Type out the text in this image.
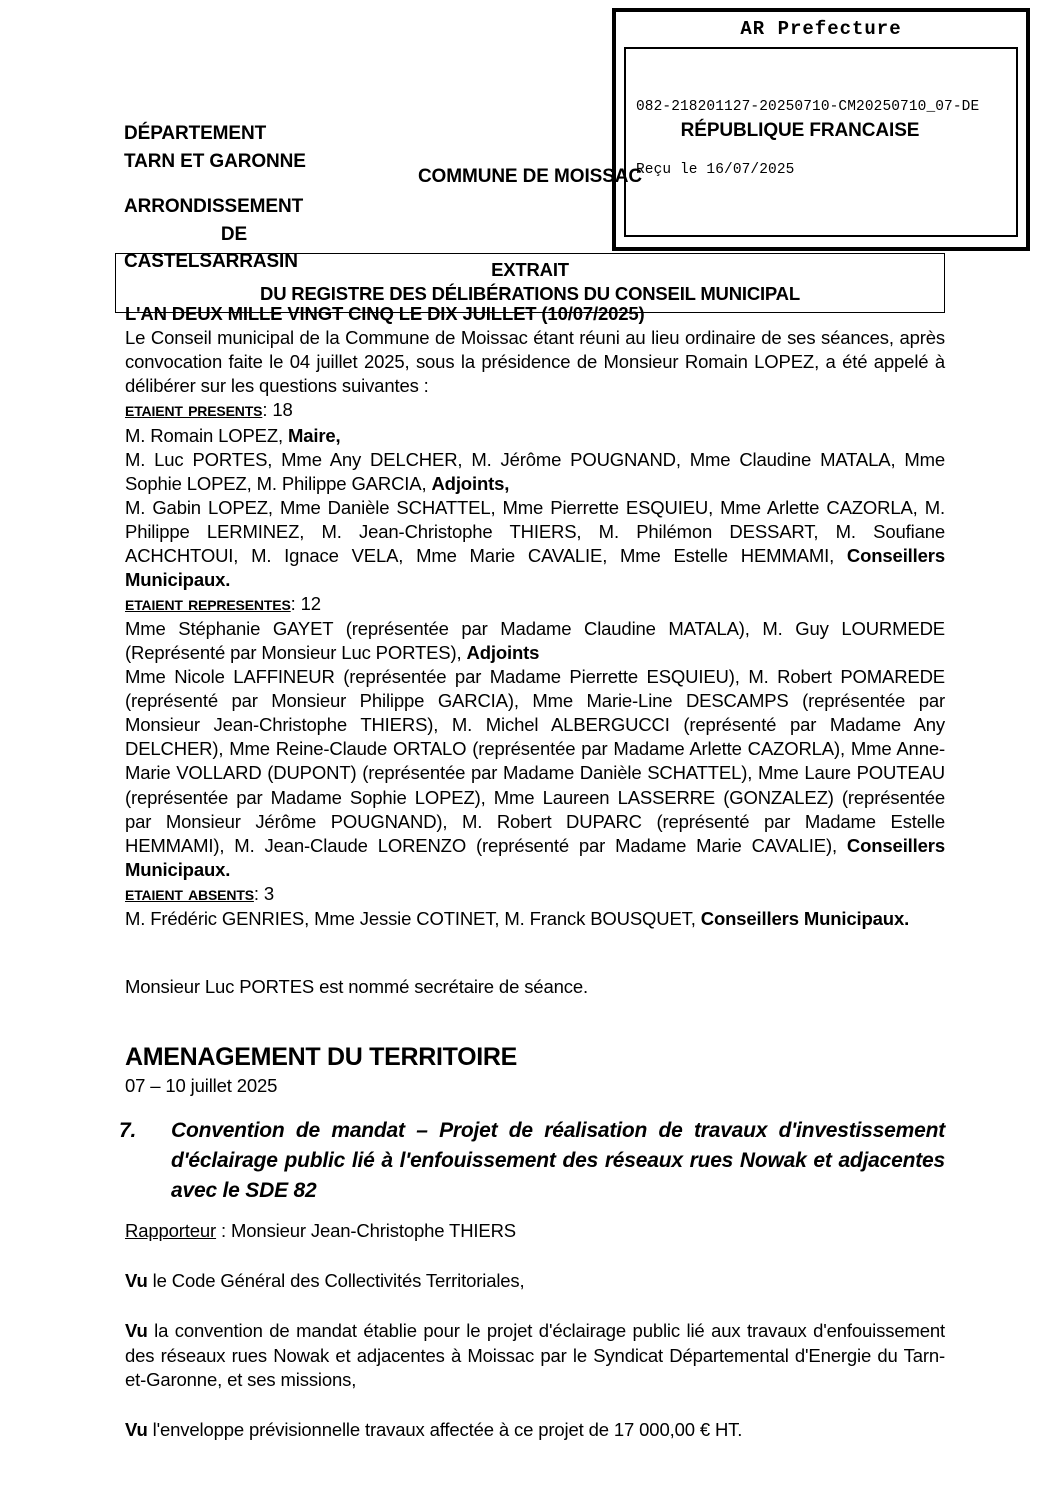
AR Prefecture

082-218201127-20250710-CM20250710_07-DE

Reçu le 16/07/2025

DÉPARTEMENT
TARN ET GARONNE
ARRONDISSEMENT
DE
CASTELSARRASIN
RÉPUBLIQUE FRANCAISE
COMMUNE DE MOISSAC
EXTRAIT
DU REGISTRE DES DÉLIBÉRATIONS DU CONSEIL MUNICIPAL

L'AN DEUX MILLE VINGT CINQ LE DIX JUILLET (10/07/2025)

Le Conseil municipal de la Commune de Moissac étant réuni au lieu ordinaire de ses séances, après convocation faite le 04 juillet 2025, sous la présidence de Monsieur Romain LOPEZ, a été appelé à délibérer sur les questions suivantes :

etaient presents: 18

M. Romain LOPEZ, Maire,

M. Luc PORTES, Mme Any DELCHER, M. Jérôme POUGNAND, Mme Claudine MATALA, Mme Sophie LOPEZ, M. Philippe GARCIA, Adjoints,

M. Gabin LOPEZ, Mme Danièle SCHATTEL, Mme Pierrette ESQUIEU, Mme Arlette CAZORLA, M. Philippe LERMINEZ, M. Jean-Christophe THIERS, M. Philémon DESSART, M. Soufiane ACHCHTOUI, M. Ignace VELA, Mme Marie CAVALIE, Mme Estelle HEMMAMI, Conseillers Municipaux.

etaient representes: 12

Mme Stéphanie GAYET (représentée par Madame Claudine MATALA), M. Guy LOURMEDE (Représenté par Monsieur Luc PORTES), Adjoints

Mme Nicole LAFFINEUR (représentée par Madame Pierrette ESQUIEU), M. Robert POMAREDE (représenté par Monsieur Philippe GARCIA), Mme Marie-Line DESCAMPS (représentée par Monsieur Jean-Christophe THIERS), M. Michel ALBERGUCCI (représenté par Madame Any DELCHER), Mme Reine-Claude ORTALO (représentée par Madame Arlette CAZORLA), Mme Anne-Marie VOLLARD (DUPONT) (représentée par Madame Danièle SCHATTEL), Mme Laure POUTEAU (représentée par Madame Sophie LOPEZ), Mme Laureen LASSERRE (GONZALEZ) (représentée par Monsieur Jérôme POUGNAND), M. Robert DUPARC (représenté par Madame Estelle HEMMAMI), M. Jean-Claude LORENZO (représenté par Madame Marie CAVALIE), Conseillers Municipaux.

etaient absents: 3

M. Frédéric GENRIES, Mme Jessie COTINET, M. Franck BOUSQUET, Conseillers Municipaux.

Monsieur Luc PORTES est nommé secrétaire de séance.

AMENAGEMENT DU TERRITOIRE
07 – 10 juillet 2025
7. Convention de mandat – Projet de réalisation de travaux d'investissement d'éclairage public lié à l'enfouissement des réseaux rues Nowak et adjacentes avec le SDE 82
Rapporteur : Monsieur Jean-Christophe THIERS

Vu le Code Général des Collectivités Territoriales,

Vu la convention de mandat établie pour le projet d'éclairage public lié aux travaux d'enfouissement des réseaux rues Nowak et adjacentes à Moissac par le Syndicat Départemental d'Energie du Tarn-et-Garonne, et ses missions,

Vu l'enveloppe prévisionnelle travaux affectée à ce projet de 17 000,00 € HT.
